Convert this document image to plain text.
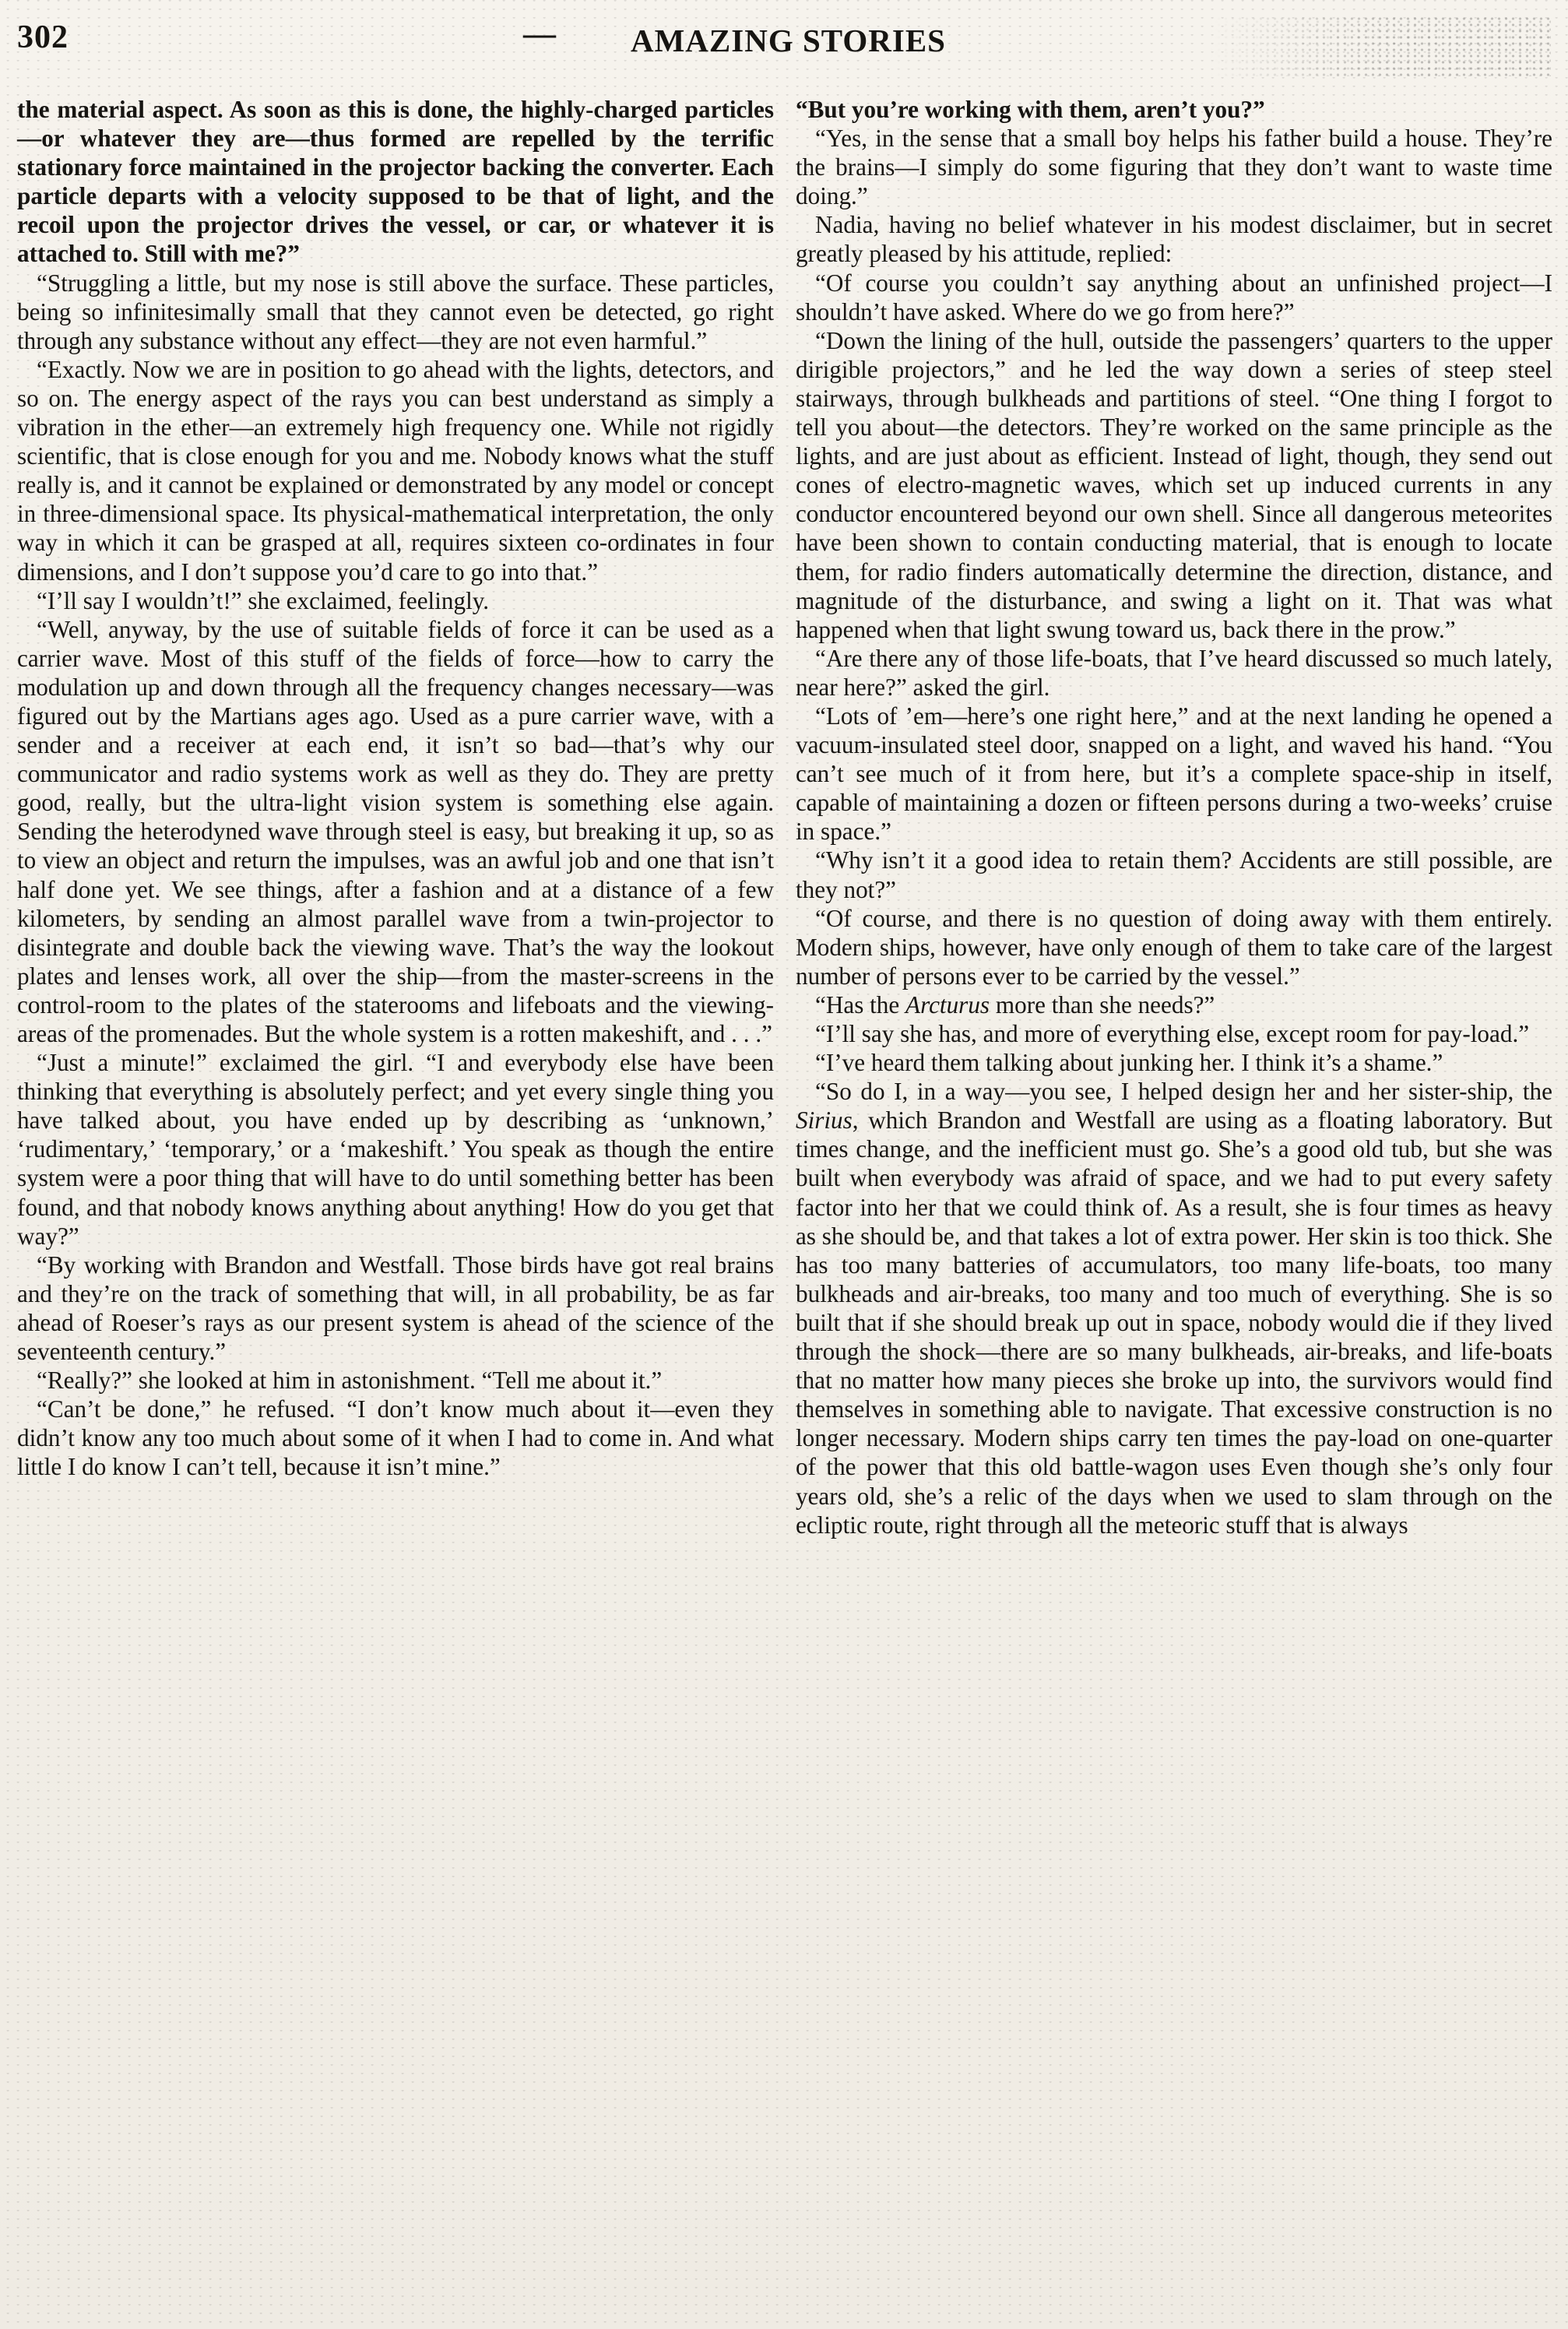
302	— AMAZING STORIES

the material aspect. As soon as this is done, the highly-charged particles—or whatever they are—thus formed are repelled by the terrific stationary force maintained in the projector backing the converter. Each particle departs with a velocity supposed to be that of light, and the recoil upon the projector drives the vessel, or car, or whatever it is attached to. Still with me?”

“Struggling a little, but my nose is still above the surface. These particles, being so infinitesimally small that they cannot even be detected, go right through any substance without any effect—they are not even harmful.”

“Exactly. Now we are in position to go ahead with the lights, detectors, and so on. The energy aspect of the rays you can best understand as simply a vibration in the ether—an extremely high frequency one. While not rigidly scientific, that is close enough for you and me. Nobody knows what the stuff really is, and it cannot be explained or demonstrated by any model or concept in three-dimensional space. Its physical-mathematical interpretation, the only way in which it can be grasped at all, requires sixteen co-ordinates in four dimensions, and I don’t suppose you’d care to go into that.”

“I’ll say I wouldn’t!” she exclaimed, feelingly.

“Well, anyway, by the use of suitable fields of force it can be used as a carrier wave. Most of this stuff of the fields of force—how to carry the modulation up and down through all the frequency changes necessary—was figured out by the Martians ages ago. Used as a pure carrier wave, with a sender and a receiver at each end, it isn’t so bad—that’s why our communicator and radio systems work as well as they do. They are pretty good, really, but the ultra-light vision system is something else again. Sending the heterodyned wave through steel is easy, but breaking it up, so as to view an object and return the impulses, was an awful job and one that isn’t half done yet. We see things, after a fashion and at a distance of a few kilometers, by sending an almost parallel wave from a twin-projector to disintegrate and double back the viewing wave. That’s the way the lookout plates and lenses work, all over the ship—from the master-screens in the control-room to the plates of the staterooms and lifeboats and the viewing-areas of the promenades. But the whole system is a rotten makeshift, and . . .”

“Just a minute!” exclaimed the girl. “I and everybody else have been thinking that everything is absolutely perfect; and yet every single thing you have talked about, you have ended up by describing as ‘unknown,’ ‘rudimentary,’ ‘temporary,’ or a ‘makeshift.’ You speak as though the entire system were a poor thing that will have to do until something better has been found, and that nobody knows anything about anything! How do you get that way?”

“By working with Brandon and Westfall. Those birds have got real brains and they’re on the track of something that will, in all probability, be as far ahead of Roeser’s rays as our present system is ahead of the science of the seventeenth century.”

“Really?” she looked at him in astonishment. “Tell me about it.”

“Can’t be done,” he refused. “I don’t know much about it—even they didn’t know any too much about some of it when I had to come in. And what little I do know I can’t tell, because it isn’t mine.”

“But you’re working with them, aren’t you?”

“Yes, in the sense that a small boy helps his father build a house. They’re the brains—I simply do some figuring that they don’t want to waste time doing.”

Nadia, having no belief whatever in his modest disclaimer, but in secret greatly pleased by his attitude, replied:

“Of course you couldn’t say anything about an unfinished project—I shouldn’t have asked. Where do we go from here?”

“Down the lining of the hull, outside the passengers’ quarters to the upper dirigible projectors,” and he led the way down a series of steep steel stairways, through bulkheads and partitions of steel. “One thing I forgot to tell you about—the detectors. They’re worked on the same principle as the lights, and are just about as efficient. Instead of light, though, they send out cones of electro-magnetic waves, which set up induced currents in any conductor encountered beyond our own shell. Since all dangerous meteorites have been shown to contain conducting material, that is enough to locate them, for radio finders automatically determine the direction, distance, and magnitude of the disturbance, and swing a light on it. That was what happened when that light swung toward us, back there in the prow.”

“Are there any of those life-boats, that I’ve heard discussed so much lately, near here?” asked the girl.

“Lots of ’em—here’s one right here,” and at the next landing he opened a vacuum-insulated steel door, snapped on a light, and waved his hand. “You can’t see much of it from here, but it’s a complete space-ship in itself, capable of maintaining a dozen or fifteen persons during a two-weeks’ cruise in space.”

“Why isn’t it a good idea to retain them? Accidents are still possible, are they not?”

“Of course, and there is no question of doing away with them entirely. Modern ships, however, have only enough of them to take care of the largest number of persons ever to be carried by the vessel.”

“Has the Arcturus more than she needs?”

“I’ll say she has, and more of everything else, except room for pay-load.”

“I’ve heard them talking about junking her. I think it’s a shame.”

“So do I, in a way—you see, I helped design her and her sister-ship, the Sirius, which Brandon and Westfall are using as a floating laboratory. But times change, and the inefficient must go. She’s a good old tub, but she was built when everybody was afraid of space, and we had to put every safety factor into her that we could think of. As a result, she is four times as heavy as she should be, and that takes a lot of extra power. Her skin is too thick. She has too many batteries of accumulators, too many life-boats, too many bulkheads and air-breaks, too many and too much of everything. She is so built that if she should break up out in space, nobody would die if they lived through the shock—there are so many bulkheads, air-breaks, and life-boats that no matter how many pieces she broke up into, the survivors would find themselves in something able to navigate. That excessive construction is no longer necessary. Modern ships carry ten times the pay-load on one-quarter of the power that this old battle-wagon uses Even though she’s only four years old, she’s a relic of the days when we used to slam through on the ecliptic route, right through all the meteoric stuff that is always
